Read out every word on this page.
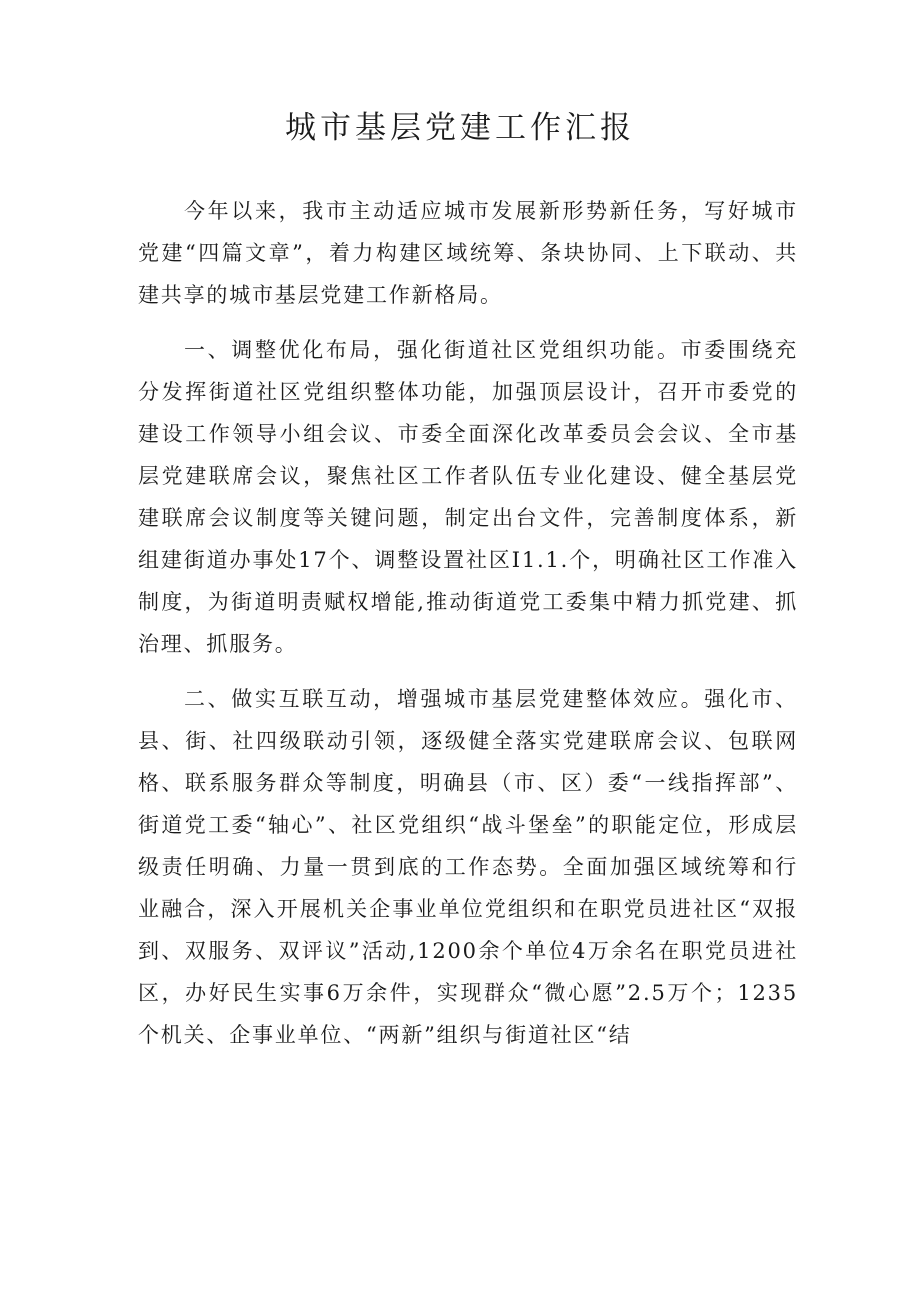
城市基层党建工作汇报

今年以来，我市主动适应城市发展新形势新任务，写好城市党建“四篇文章”，着力构建区域统筹、条块协同、上下联动、共建共享的城市基层党建工作新格局。

一、调整优化布局，强化街道社区党组织功能。市委围绕充分发挥街道社区党组织整体功能，加强顶层设计，召开市委党的建设工作领导小组会议、市委全面深化改革委员会会议、全市基层党建联席会议，聚焦社区工作者队伍专业化建设、健全基层党建联席会议制度等关键问题，制定出台文件，完善制度体系，新组建街道办事处17个、调整设置社区I1.1.个，明确社区工作准入制度，为街道明责赋权增能,推动街道党工委集中精力抓党建、抓治理、抓服务。

二、做实互联互动，增强城市基层党建整体效应。强化市、县、街、社四级联动引领，逐级健全落实党建联席会议、包联网格、联系服务群众等制度，明确县（市、区）委“一线指挥部”、街道党工委“轴心”、社区党组织“战斗堡垒”的职能定位，形成层级责任明确、力量一贯到底的工作态势。全面加强区域统筹和行业融合，深入开展机关企事业单位党组织和在职党员进社区“双报到、双服务、双评议”活动,1200余个单位4万余名在职党员进社区，办好民生实事6万余件，实现群众“微心愿”2.5万个；1235个机关、企事业单位、“两新”组织与街道社区“结
